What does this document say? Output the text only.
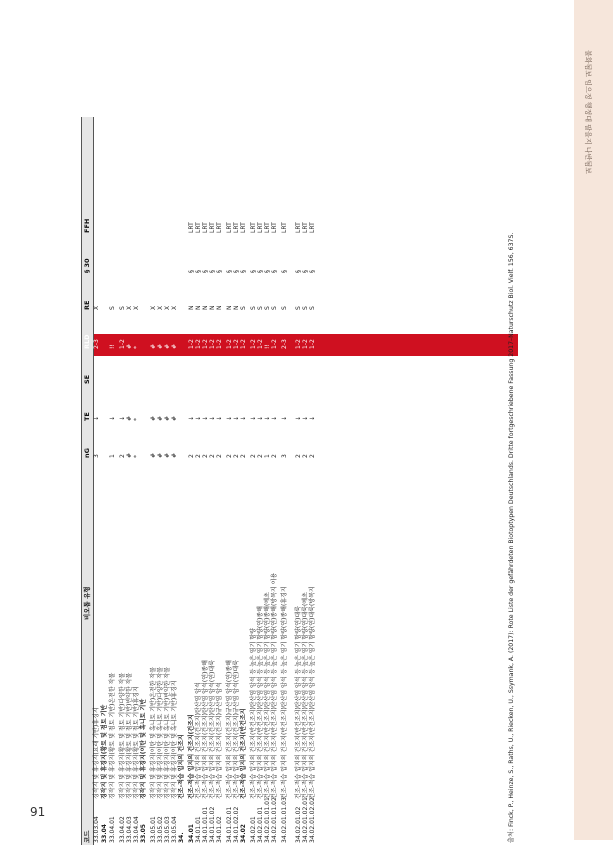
불화됨보 임으정 행정대 팔을지 나반됨보
코드
비오톱 유형
nG
TE
SE
RLD
RE
§ 30
FFH
출처: Finck, P., Heinze, S., Raths, U., Riecken, U., Ssymank, A. (2017): Rote Liste der gefährdeten Biotoptypen Deutschlands. Dritte fortgeschriebene Fassung 2017–Naturschutz Biol. Vielf. 156, 637S.
33.03.04
경작지 및 휴경지(요래 기반)휴경지
3
↓
2-3
X
33.04
경작지 및 휴경지(황토 및 점토 기반
33.04.01
경작지 및 휴경지(황토 및 점토 기반)온전한 작물
1
↓
!!
S
33.04.02
경작지 및 휴경지(황토 및 점토 기반)다양한 작물
2
↓
1-2
S
33.04.03
경작지 및 휴경지(황토 및 점토 기반)빈약한 작물
#
#
#
X
33.04.04
경작지 및 휴경지(황토 및 점토 기반)휴경지
*
*
*
X
33.05
경작지 및 휴경지(이탄 및 혹니토 기반
33.05.01
경작지 및 휴경지(이탄 및 혹니토 기반)온전한 작물
#
#
#
X
33.05.02
경작지 및 휴경지(이탄 및 혹니토 기반)다양한 작물
#
#
#
X
33.05.03
경작지 및 휴경지(이탄 및 혹니토 기반)빈약한 작물
#
#
#
X
33.05.04
경작지 및 휴경지(이탄 및 혹니토 기반)휴경지
#
#
#
X
34.
건조-적습 입지의 건조지
34.01
건조-적습 입지의 건조지(건조지
2
↓
1-2
N
§
LRT
34.01.01
건조-적습 입지의 건조지(건조지)탄산염 암석
2
↓
1-2
N
§
LRT
34.01.01.01
건조-적습 입지의 건조지(건조지)탄산염 암석(연)종해
2
↓
1-2
N
§
LRT
34.01.01.02
건조-적습 입지의 건조지(건조지)탄산염 암석(연)대륙
2
↓
1-2
N
§
LRT
34.01.02
건조-적습 입지의 건조지(건조지)규산염 암석
2
↓
1-2
N
§
LRT
34.01.02.01
건조-적습 입지의 건조지(건조지)규산염 암석(연)종해
2
↓
1-2
N
§
LRT
34.01.02.02
건조-적습 입지의 건조지(건조지)규산염 암석(연)대륙
2
↓
1-2
N
§
LRT
34.02
건조-적습 입지의 건조지(반건조지
2
↓
1-2
S
§
LRT
34.02.01
건조-적습 입지의 건조지(반건조지)탄산염 암석 등 높은 염기 함량
2
↓
1-2
S
§
LRT
34.02.01.01
건조-적습 입지의 건조지(반건조지)탄산염 암석 등 높은 염기 함량(연)종해
2
↓
1-2
S
§
LRT
34.02.01.01.01
건조-적습 입지의 건조지(반건조지)탄산염 암석 등 높은 염기 함량(연)종해(예초
1
↓
!!
S
§
LRT
34.02.01.01.02
건조-적습 입지의 건조지(반건조지)탄산염 암석 등 높은 염기 함량(연)종해(방목지 이용
2
↓
1-2
S
§
LRT
34.02.01.01.03
건조-적습 입지의 건조지(반건조지)탄산염 암석 등 높은 염기 함량(연)종해(휴경지
3
↓
2-3
S
§
LRT
34.02.01.02
건조-적습 입지의 건조지(반건조지)탄산염 암석 등 높은 염기 함량(연)대륙
2
↓
1-2
S
§
LRT
34.02.01.02.01
건조-적습 입지의 건조지(반건조지)탄산염 암석 등 높은 염기 함량(연)대륙(예초
2
↓
1-2
S
§
LRT
34.02.01.02.02
건조-적습 입지의 건조지(반건조지)탄산염 암석 등 높은 염기 함량(연)대륙(방목지
2
↓
1-2
S
§
LRT
91
